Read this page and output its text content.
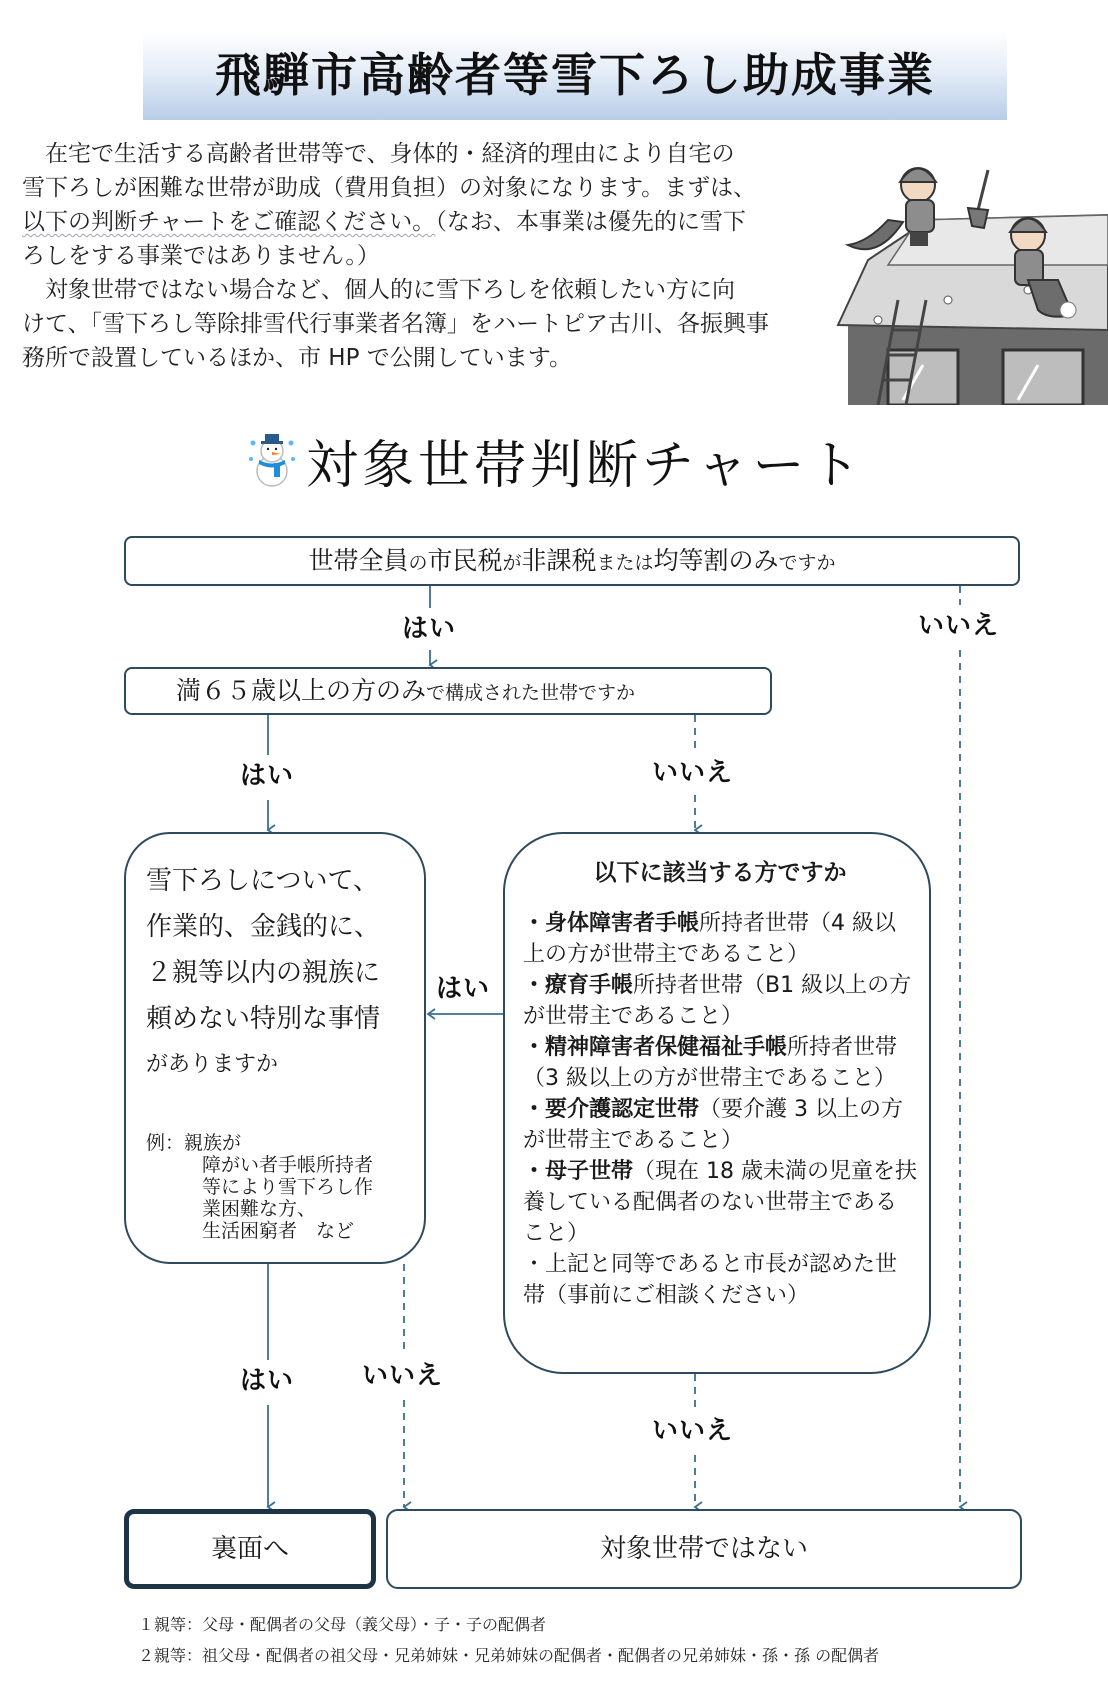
飛騨市高齢者等雪下ろし助成事業
　在宅で生活する高齢者世帯等で、身体的・経済的理由により自宅の
雪下ろしが困難な世帯が助成（費用負担）の対象になります。まずは、
以下の判断チャートをご確認ください。（なお、本事業は優先的に雪下
ろしをする事業ではありません。）
　対象世帯ではない場合など、個人的に雪下ろしを依頼したい方に向
けて、「雪下ろし等除排雪代行事業者名簿」をハートピア古川、各振興事
務所で設置しているほか、市 HP で公開しています。
対象世帯判断チャート
世帯全員の市民税が非課税または均等割のみですか
満６５歳以上の方のみで構成された世帯ですか
雪下ろしについて、
作業的、金銭的に、
２親等以内の親族に
頼めない特別な事情
がありますか
例：親族が
障がい者手帳所持者
等により雪下ろし作
業困難な方、
生活困窮者　など
以下に該当する方ですか
・身体障害者手帳所持者世帯（4 級以上の方が世帯主であること）
・療育手帳所持者世帯（B1 級以上の方が世帯主であること）
・精神障害者保健福祉手帳所持者世帯（3 級以上の方が世帯主であること）
・要介護認定世帯（要介護 3 以上の方が世帯主であること）
・母子世帯（現在 18 歳未満の児童を扶養している配偶者のない世帯主であること）
・上記と同等であると市長が認めた世帯（事前にご相談ください）
はい	いいえ
はい	いいえ
はい
はい	いいえ
いいえ
裏面へ	対象世帯ではない
１親等：父母・配偶者の父母（義父母）・子・子の配偶者
２親等：祖父母・配偶者の祖父母・兄弟姉妹・兄弟姉妹の配偶者・配偶者の兄弟姉妹・孫・孫 の配偶者
